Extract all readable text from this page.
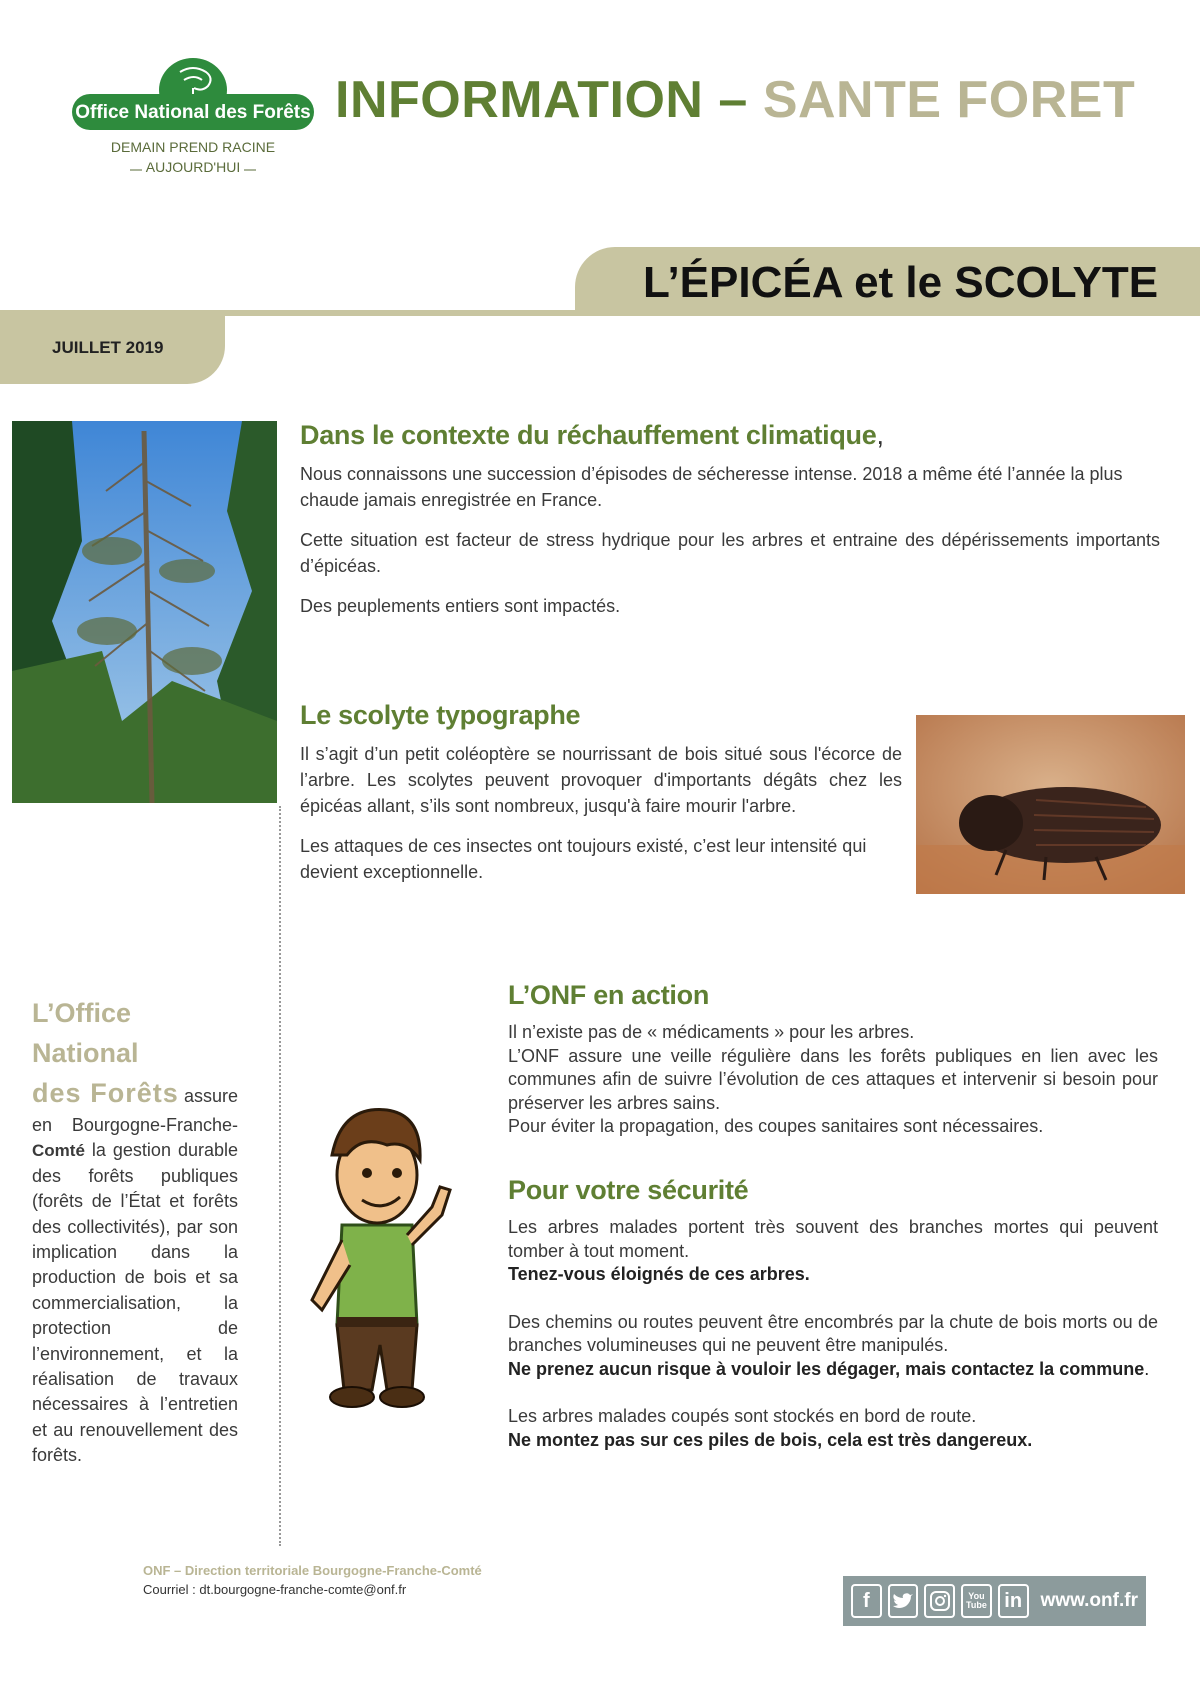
Office National des Forêts
DEMAIN PREND RACINE
AUJOURD'HUI
INFORMATION – SANTE FORET
L’ÉPICÉA et le SCOLYTE
JUILLET 2019
Dans le contexte du réchauffement climatique,

Nous connaissons une succession d’épisodes de sécheresse intense. 2018 a même été l’année la plus chaude jamais enregistrée en France.

Cette situation est facteur de stress hydrique pour les arbres et entraine des dépérissements importants d’épicéas.

Des peuplements entiers sont impactés.

Le scolyte typographe

Il s’agit d’un petit coléoptère se nourrissant de bois situé sous l'écorce de l’arbre. Les scolytes peuvent provoquer d'importants dégâts chez les épicéas allant, s’ils sont nombreux, jusqu'à faire mourir l'arbre.

Les attaques de ces insectes ont toujours existé, c’est leur intensité qui devient exceptionnelle.

L’Office National

des Forêts assure en Bourgogne-Franche-Comté la gestion durable des forêts publiques (forêts de l’État et forêts des collectivités), par son implication dans la production de bois et sa commercialisation, la protection de l’environnement, et la réalisation de travaux nécessaires à l’entretien et au renouvellement des forêts.

L’ONF en action

Il n’existe pas de « médicaments » pour les arbres.

L’ONF assure une veille régulière dans les forêts publiques en lien avec les communes afin de suivre l’évolution de ces attaques et intervenir si besoin pour préserver les arbres sains.

Pour éviter la propagation, des coupes sanitaires sont nécessaires.

Pour votre sécurité

Les arbres malades portent très souvent des branches mortes qui peuvent tomber à tout moment.

Tenez-vous éloignés de ces arbres.

Des chemins ou routes peuvent être encombrés par la chute de bois morts ou de branches volumineuses qui ne peuvent être manipulés.

Ne prenez aucun risque à vouloir les dégager, mais contactez la commune.

Les arbres malades coupés sont stockés en bord de route.

Ne montez pas sur ces piles de bois, cela est très dangereux.

ONF – Direction territoriale Bourgogne-Franche-Comté
Courriel : dt.bourgogne-franche-comte@onf.fr	f	You Tube in www.onf.fr
